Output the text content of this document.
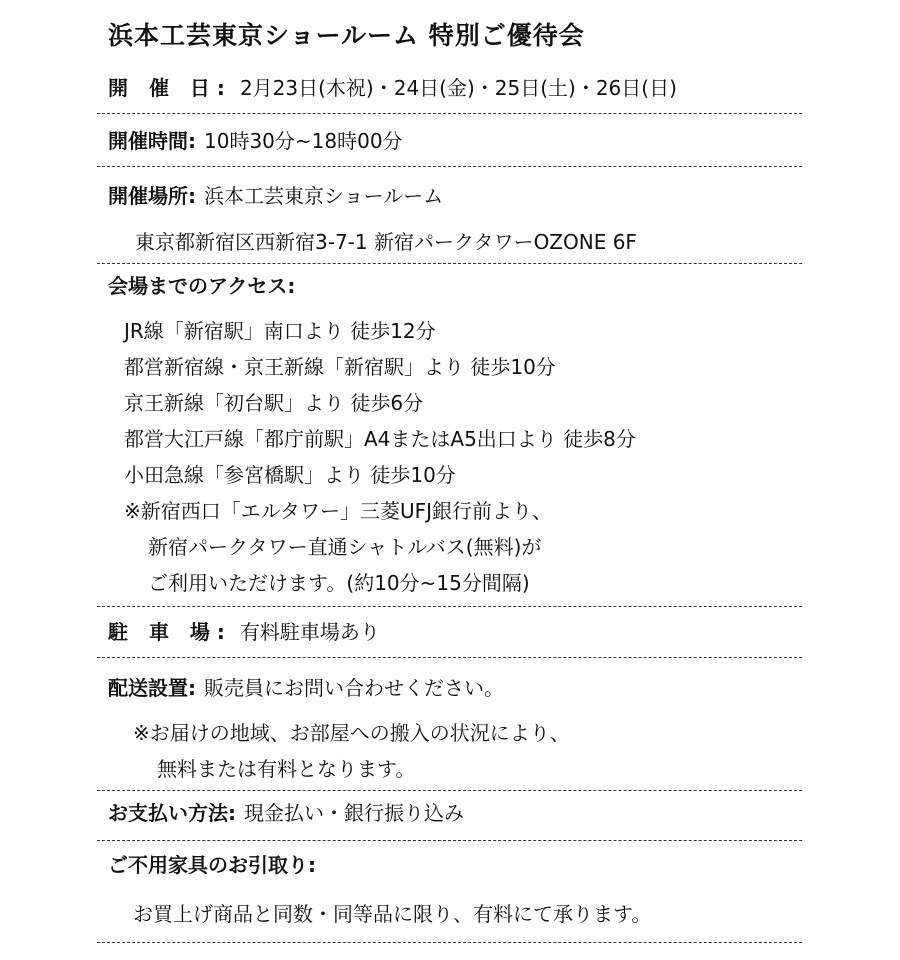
浜本工芸東京ショールーム 特別ご優待会
開 催 日: 2月23日(木祝)・24日(金)・25日(土)・26日(日)
開催時間: 10時30分~18時00分
開催場所: 浜本工芸東京ショールーム
東京都新宿区西新宿3-7-1 新宿パークタワーOZONE 6F
会場までのアクセス:
JR線「新宿駅」南口より 徒歩12分
都営新宿線・京王新線「新宿駅」より 徒歩10分
京王新線「初台駅」より 徒歩6分
都営大江戸線「都庁前駅」A4またはA5出口より 徒歩8分
小田急線「参宮橋駅」より 徒歩10分
※新宿西口「エルタワー」三菱UFJ銀行前より、
新宿パークタワー直通シャトルバス(無料)が
ご利用いただけます。(約10分~15分間隔)
駐 車 場: 有料駐車場あり
配送設置: 販売員にお問い合わせください。
※お届けの地域、お部屋への搬入の状況により、
無料または有料となります。
お支払い方法: 現金払い・銀行振り込み
ご不用家具のお引取り:
お買上げ商品と同数・同等品に限り、有料にて承ります。
